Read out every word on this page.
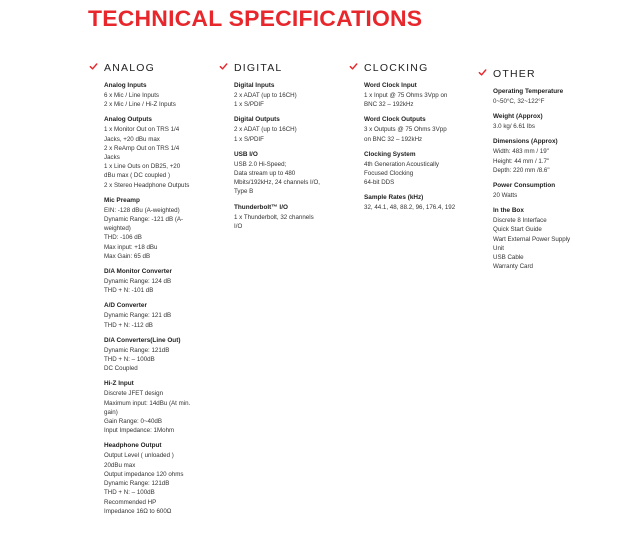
TECHNICAL SPECIFICATIONS
ANALOG
Analog Inputs
6 x Mic / Line Inputs
2 x Mic / Line / Hi-Z Inputs
Analog Outputs
1 x Monitor Out on TRS 1/4
Jacks, +20 dBu max
2 x ReAmp Out on TRS 1/4
Jacks
1 x Line Outs on DB25, +20
dBu max ( DC coupled )
2 x Stereo Headphone Outputs
Mic Preamp
EIN: -128 dBu (A-weighted)
Dynamic Range: -121 dB (A-
weighted)
THD: -106 dB
Max input: +18 dBu
Max Gain: 65 dB
D/A Monitor Converter
Dynamic Range: 124 dB
THD + N: -101 dB
A/D Converter
Dynamic Range: 121 dB
THD + N: -112 dB
D/A Converters(Line Out)
Dynamic Range: 121dB
THD + N: – 100dB
DC Coupled
Hi-Z Input
Discrete JFET design
Maximum input: 14dBu (At min.
gain)
Gain Range: 0~40dB
Input Impedance: 1Mohm
Headphone Output
Output Level ( unloaded )
20dBu max
Output impedance 120 ohms
Dynamic Range: 121dB
THD + N: – 100dB
Recommended HP
Impedance 16Ω to 600Ω
DIGITAL
Digital Inputs
2 x ADAT (up to 16CH)
1 x S/PDIF
Digital Outputs
2 x ADAT (up to 16CH)
1 x S/PDIF
USB I/O
USB 2.0 Hi-Speed;
Data stream up to 480
Mbits/192kHz, 24 channels I/O,
Type B
Thunderbolt™ I/O
1 x Thunderbolt, 32 channels
I/O
CLOCKING
Word Clock Input
1 x Input @ 75 Ohms 3Vpp on
BNC 32 – 192kHz
Word Clock Outputs
3 x Outputs @ 75 Ohms 3Vpp
on BNC 32 – 192kHz
Clocking System
4th Generation Acoustically
Focused Clocking
64-bit DDS
Sample Rates (kHz)
32, 44.1, 48, 88.2, 96, 176.4, 192
OTHER
Operating Temperature
0~50°C, 32~122°F
Weight (Approx)
3.0 kg/ 6.61 lbs
Dimensions (Approx)
Width: 483 mm / 19"
Height: 44 mm / 1.7"
Depth: 220 mm /8.6"
Power Consumption
20 Watts
In the Box
Discrete 8 Interface
Quick Start Guide
Wart External Power Supply
Unit
USB Cable
Warranty Card
